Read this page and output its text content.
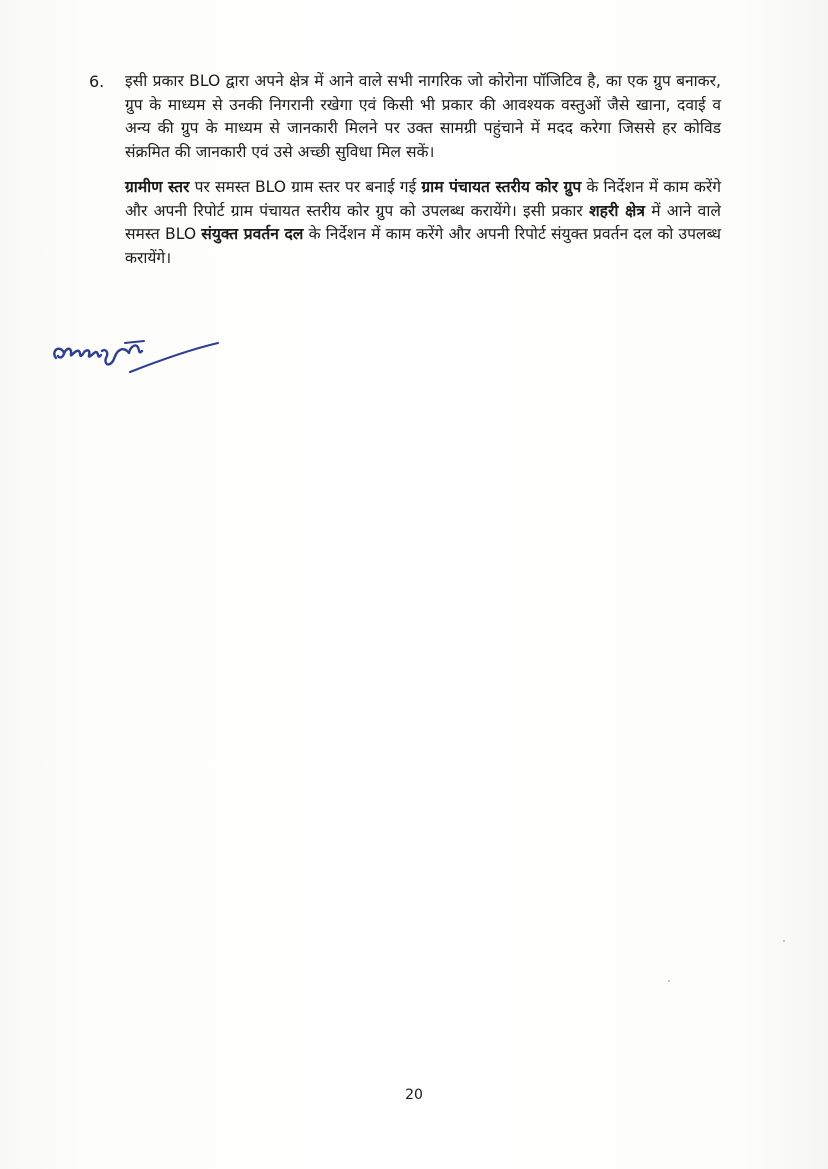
6. इसी प्रकार BLO द्वारा अपने क्षेत्र में आने वाले सभी नागरिक जो कोरोना पॉजिटिव है, का एक ग्रुप बनाकर, ग्रुप के माध्यम से उनकी निगरानी रखेगा एवं किसी भी प्रकार की आवश्यक वस्तुओं जैसे खाना, दवाई व अन्य की ग्रुप के माध्यम से जानकारी मिलने पर उक्त सामग्री पहुंचाने में मदद करेगा जिससे हर कोविड संक्रमित की जानकारी एवं उसे अच्छी सुविधा मिल सकें।

ग्रामीण स्तर पर समस्त BLO ग्राम स्तर पर बनाई गई ग्राम पंचायत स्तरीय कोर ग्रुप के निर्देशन में काम करेंगे और अपनी रिपोर्ट ग्राम पंचायत स्तरीय कोर ग्रुप को उपलब्ध करायेंगे। इसी प्रकार शहरी क्षेत्र में आने वाले समस्त BLO संयुक्त प्रवर्तन दल के निर्देशन में काम करेंगे और अपनी रिपोर्ट संयुक्त प्रवर्तन दल को उपलब्ध करायेंगे।

20
